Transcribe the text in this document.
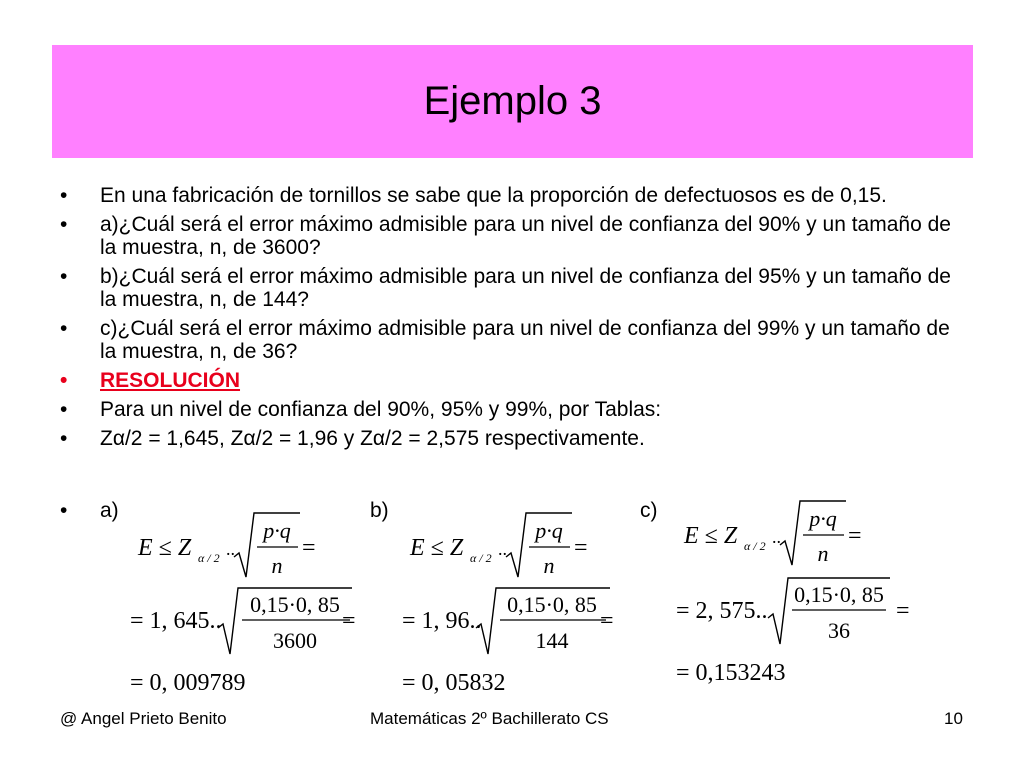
Ejemplo 3
• En una fabricación de tornillos se sabe que la proporción de defectuosos es de 0,15.
• a)¿Cuál será el error máximo admisible para un nivel de confianza del 90% y un tamaño de la muestra, n, de 3600?
• b)¿Cuál será el error máximo admisible para un nivel de confianza del 95% y un tamaño de la muestra, n, de 144?
• c)¿Cuál será el error máximo admisible para un nivel de confianza del 99% y un tamaño de la muestra, n, de 36?
• RESOLUCIÓN
• Para un nivel de confianza del 90%, 95% y 99%, por Tablas:
• Zα/2 = 1,645, Zα/2 = 1,96 y Zα/2 = 2,575 respectivamente.
• a)	b)	c)
E ≤ Z α / 2 ..
p·q
n
=
= 1, 645..
0,15·0, 85
3600
=
= 0, 009789
E ≤ Z α / 2 ..
p·q
n
=
= 1, 96..
0,15·0, 85
144
=
= 0, 05832
E ≤ Z α / 2 ..
p·q
n
=
= 2, 575..
0,15·0, 85
36
=
= 0,153243
@ Angel Prieto Benito	Matemáticas 2º Bachillerato CS	10
